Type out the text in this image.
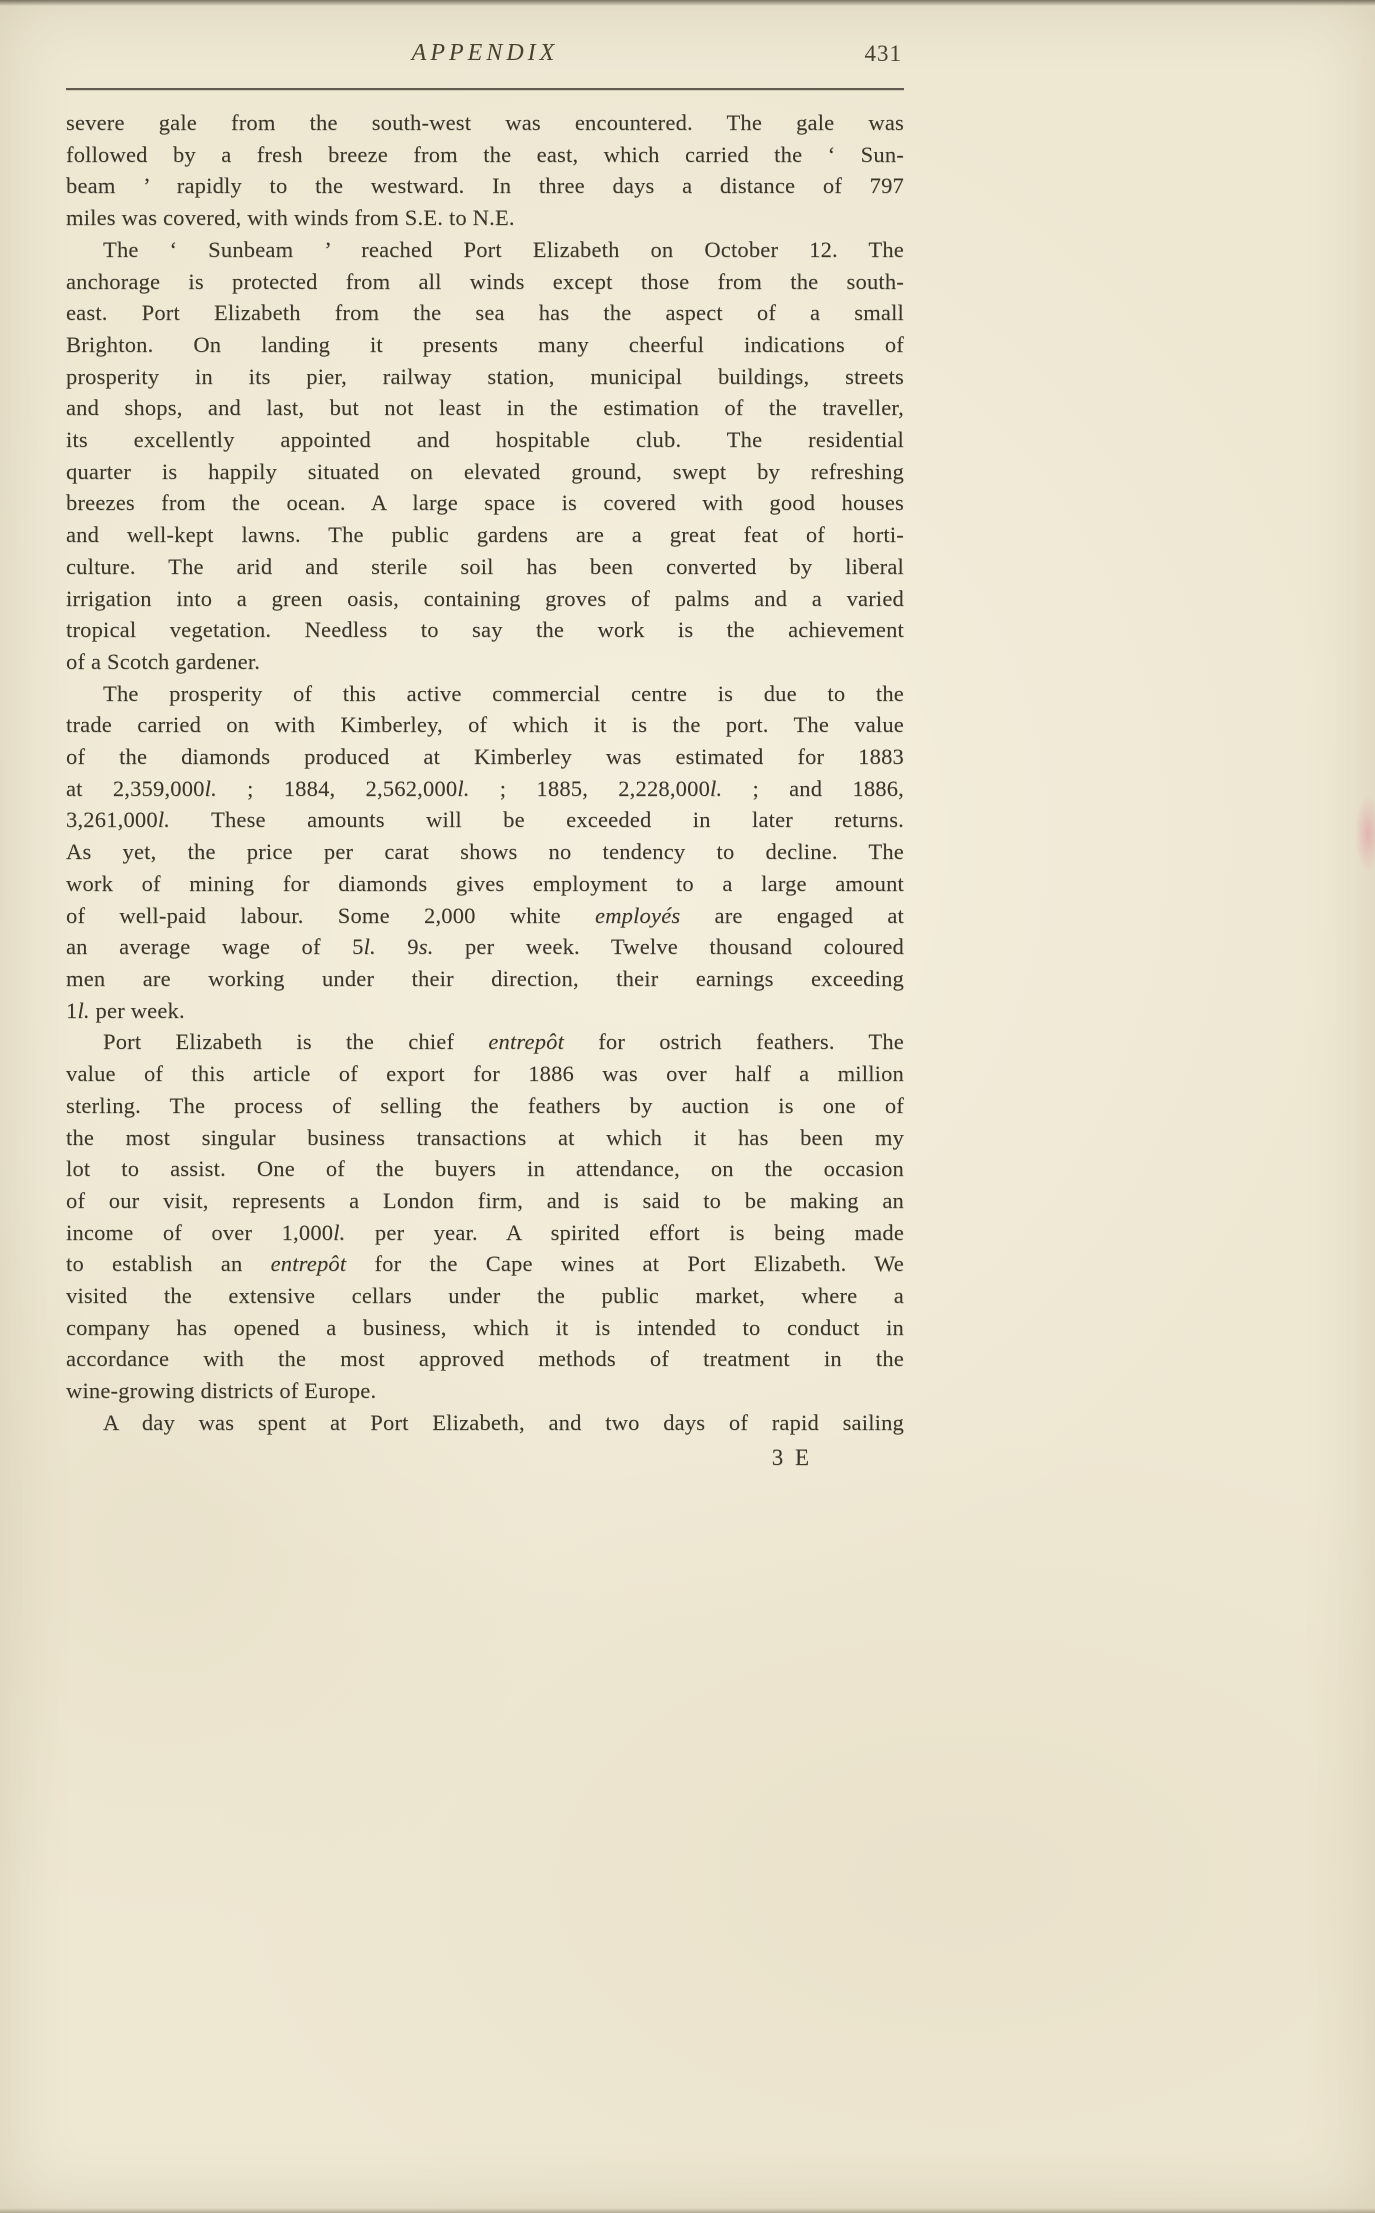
APPENDIX	431
severe gale from the south-west was encountered. The gale was
followed by a fresh breeze from the east, which carried the ‘ Sun-
beam ’ rapidly to the westward. In three days a distance of 797
miles was covered, with winds from S.E. to N.E.
The ‘ Sunbeam ’ reached Port Elizabeth on October 12. The
anchorage is protected from all winds except those from the south-
east. Port Elizabeth from the sea has the aspect of a small
Brighton. On landing it presents many cheerful indications of
prosperity in its pier, railway station, municipal buildings, streets
and shops, and last, but not least in the estimation of the traveller,
its excellently appointed and hospitable club. The residential
quarter is happily situated on elevated ground, swept by refreshing
breezes from the ocean. A large space is covered with good houses
and well-kept lawns. The public gardens are a great feat of horti-
culture. The arid and sterile soil has been converted by liberal
irrigation into a green oasis, containing groves of palms and a varied
tropical vegetation. Needless to say the work is the achievement
of a Scotch gardener.
The prosperity of this active commercial centre is due to the
trade carried on with Kimberley, of which it is the port. The value
of the diamonds produced at Kimberley was estimated for 1883
at 2,359,000l. ; 1884, 2,562,000l. ; 1885, 2,228,000l. ; and 1886,
3,261,000l. These amounts will be exceeded in later returns.
As yet, the price per carat shows no tendency to decline. The
work of mining for diamonds gives employment to a large amount
of well-paid labour. Some 2,000 white employés are engaged at
an average wage of 5l. 9s. per week. Twelve thousand coloured
men are working under their direction, their earnings exceeding
1l. per week.
Port Elizabeth is the chief entrepôt for ostrich feathers. The
value of this article of export for 1886 was over half a million
sterling. The process of selling the feathers by auction is one of
the most singular business transactions at which it has been my
lot to assist. One of the buyers in attendance, on the occasion
of our visit, represents a London firm, and is said to be making an
income of over 1,000l. per year. A spirited effort is being made
to establish an entrepôt for the Cape wines at Port Elizabeth. We
visited the extensive cellars under the public market, where a
company has opened a business, which it is intended to conduct in
accordance with the most approved methods of treatment in the
wine-growing districts of Europe.
A day was spent at Port Elizabeth, and two days of rapid sailing
3 E
